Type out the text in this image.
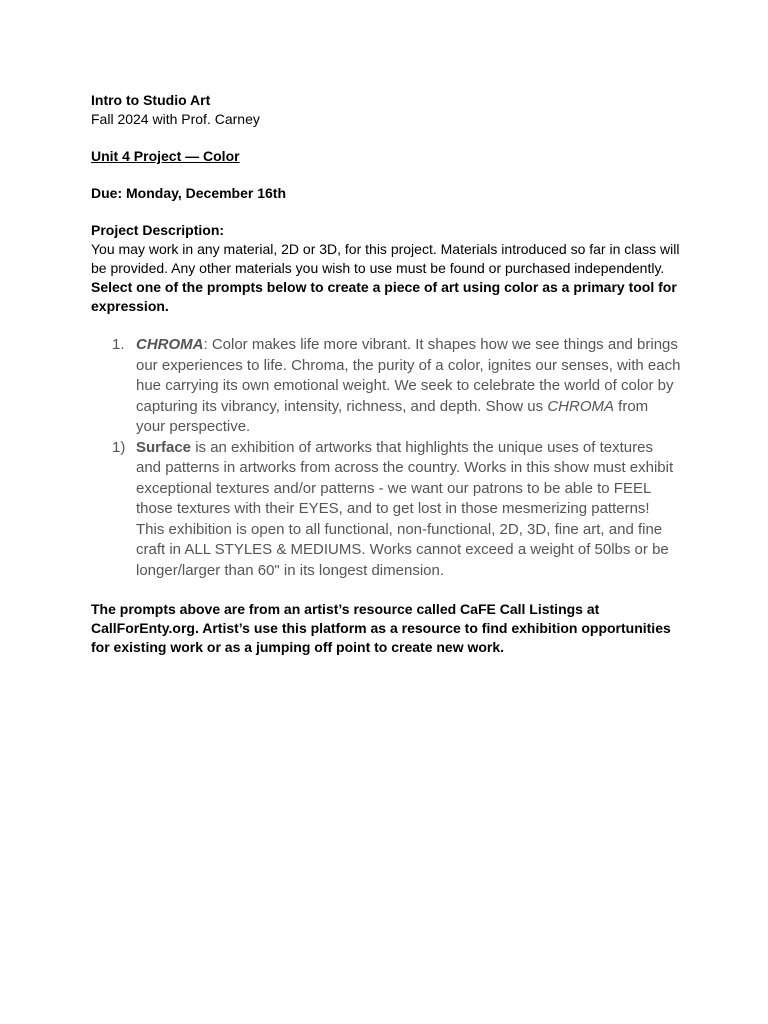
Intro to Studio Art

Fall 2024 with Prof. Carney

Unit 4 Project — Color

Due: Monday, December 16th

Project Description:

You may work in any material, 2D or 3D, for this project. Materials introduced so far in class will be provided. Any other materials you wish to use must be found or purchased independently.

Select one of the prompts below to create a piece of art using color as a primary tool for expression.

1. CHROMA: Color makes life more vibrant. It shapes how we see things and brings our experiences to life. Chroma, the purity of a color, ignites our senses, with each hue carrying its own emotional weight. We seek to celebrate the world of color by capturing its vibrancy, intensity, richness, and depth. Show us CHROMA from your perspective.
1) Surface is an exhibition of artworks that highlights the unique uses of textures and patterns in artworks from across the country. Works in this show must exhibit exceptional textures and/or patterns - we want our patrons to be able to FEEL those textures with their EYES, and to get lost in those mesmerizing patterns! This exhibition is open to all functional, non-functional, 2D, 3D, fine art, and fine craft in ALL STYLES & MEDIUMS. Works cannot exceed a weight of 50lbs or be longer/larger than 60" in its longest dimension.

The prompts above are from an artist’s resource called CaFE Call Listings at CallForEnty.org. Artist’s use this platform as a resource to find exhibition opportunities for existing work or as a jumping off point to create new work.
